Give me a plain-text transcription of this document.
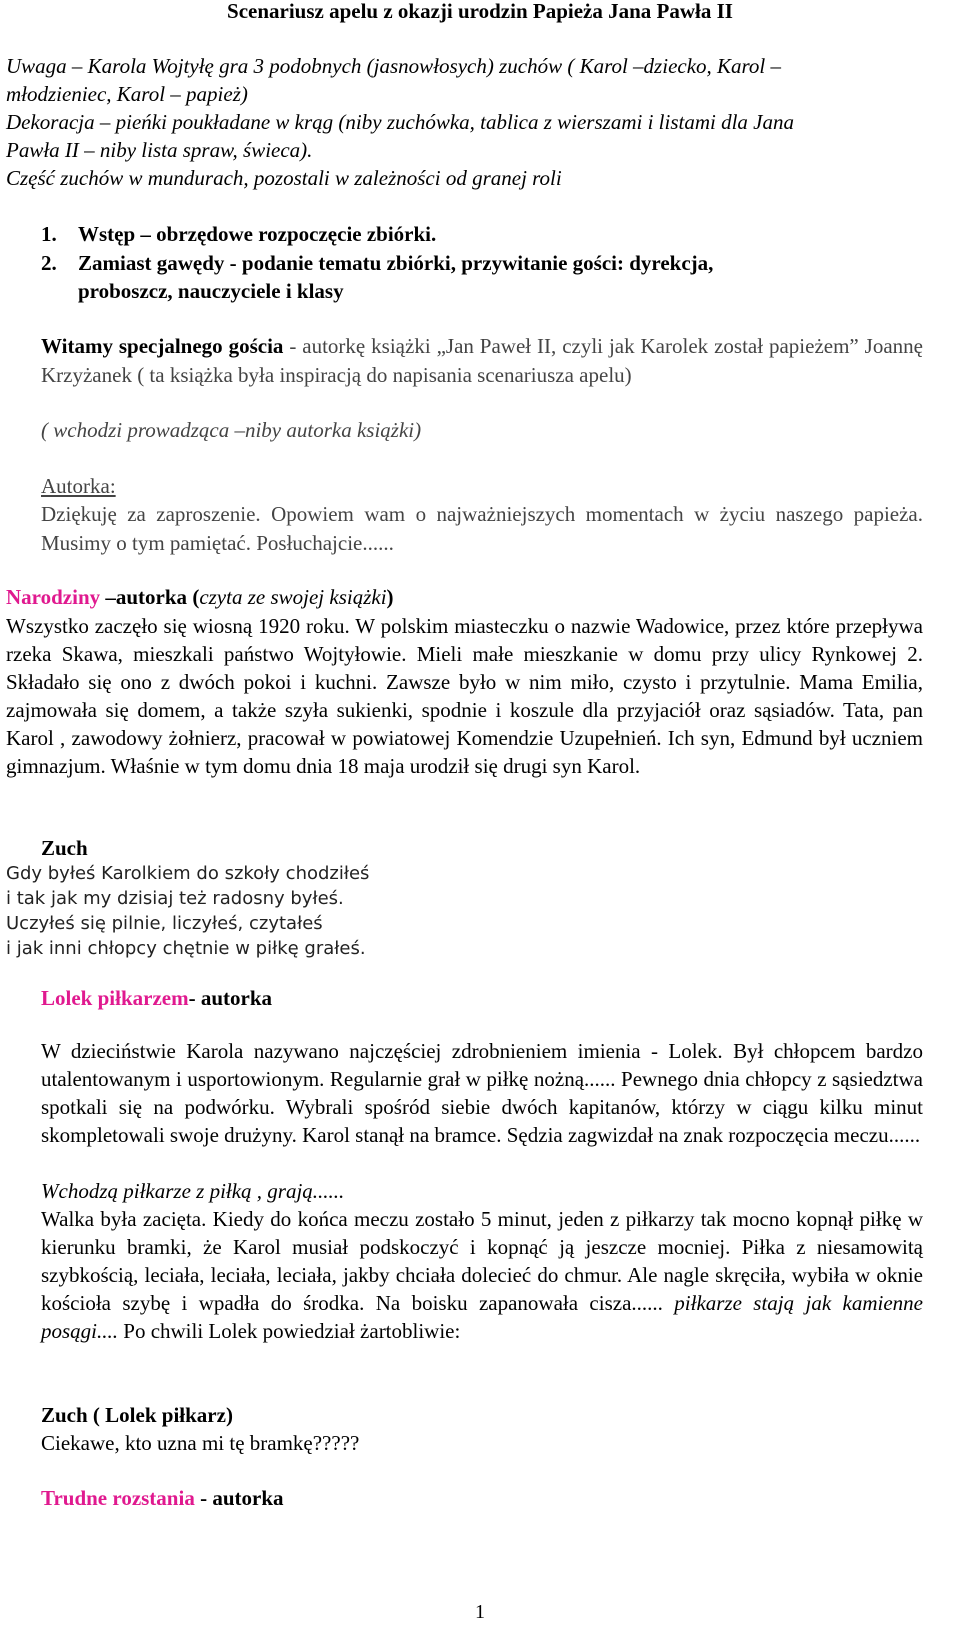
Scenariusz apelu z okazji urodzin Papieża Jana Pawła II
Uwaga – Karola Wojtyłę gra 3 podobnych (jasnowłosych) zuchów ( Karol –dziecko, Karol –
młodzieniec, Karol – papież)
Dekoracja – pieńki poukładane w krąg (niby zuchówka, tablica z wierszami i listami dla Jana
Pawła II – niby lista spraw, świeca).
Część zuchów w mundurach, pozostali w zależności od granej roli
1. Wstęp – obrzędowe rozpoczęcie zbiórki.
2. Zamiast gawędy - podanie tematu zbiórki, przywitanie gości: dyrekcja,
proboszcz, nauczyciele i klasy
Witamy specjalnego gościa - autorkę książki „Jan Paweł II, czyli jak Karolek został papieżem” Joannę Krzyżanek ( ta książka była inspiracją do napisania scenariusza apelu)
( wchodzi prowadząca –niby autorka książki)
Autorka:
Dziękuję za zaproszenie. Opowiem wam o najważniejszych momentach w życiu naszego papieża. Musimy o tym pamiętać. Posłuchajcie......
Narodziny –autorka (czyta ze swojej książki)
Wszystko zaczęło się wiosną 1920 roku. W polskim miasteczku o nazwie Wadowice, przez które przepływa rzeka Skawa, mieszkali państwo Wojtyłowie. Mieli małe mieszkanie w domu przy ulicy Rynkowej 2. Składało się ono z dwóch pokoi i kuchni. Zawsze było w nim miło, czysto i przytulnie. Mama Emilia, zajmowała się domem, a także szyła sukienki, spodnie i koszule dla przyjaciół oraz sąsiadów. Tata, pan Karol , zawodowy żołnierz, pracował w powiatowej Komendzie Uzupełnień. Ich syn, Edmund był uczniem gimnazjum. Właśnie w tym domu dnia 18 maja urodził się drugi syn Karol.
Zuch
Gdy byłeś Karolkiem do szkoły chodziłeś
i tak jak my dzisiaj też radosny byłeś.
Uczyłeś się pilnie, liczyłeś, czytałeś
i jak inni chłopcy chętnie w piłkę grałeś.
Lolek piłkarzem- autorka
W dzieciństwie Karola nazywano najczęściej zdrobnieniem imienia - Lolek. Był chłopcem bardzo utalentowanym i usportowionym. Regularnie grał w piłkę nożną...... Pewnego dnia chłopcy z sąsiedztwa spotkali się na podwórku. Wybrali spośród siebie dwóch kapitanów, którzy w ciągu kilku minut skompletowali swoje drużyny. Karol stanął na bramce. Sędzia zagwizdał na znak rozpoczęcia meczu......
Wchodzą piłkarze z piłką , grają......
Walka była zacięta. Kiedy do końca meczu zostało 5 minut, jeden z piłkarzy tak mocno kopnął piłkę w kierunku bramki, że Karol musiał podskoczyć i kopnąć ją jeszcze mocniej. Piłka z niesamowitą szybkością, leciała, leciała, leciała, jakby chciała dolecieć do chmur. Ale nagle skręciła, wybiła w oknie kościoła szybę i wpadła do środka. Na boisku zapanowała cisza...... piłkarze stają jak kamienne posągi.... Po chwili Lolek powiedział żartobliwie:
Zuch ( Lolek piłkarz)
Ciekawe, kto uzna mi tę bramkę?????
Trudne rozstania - autorka
1
